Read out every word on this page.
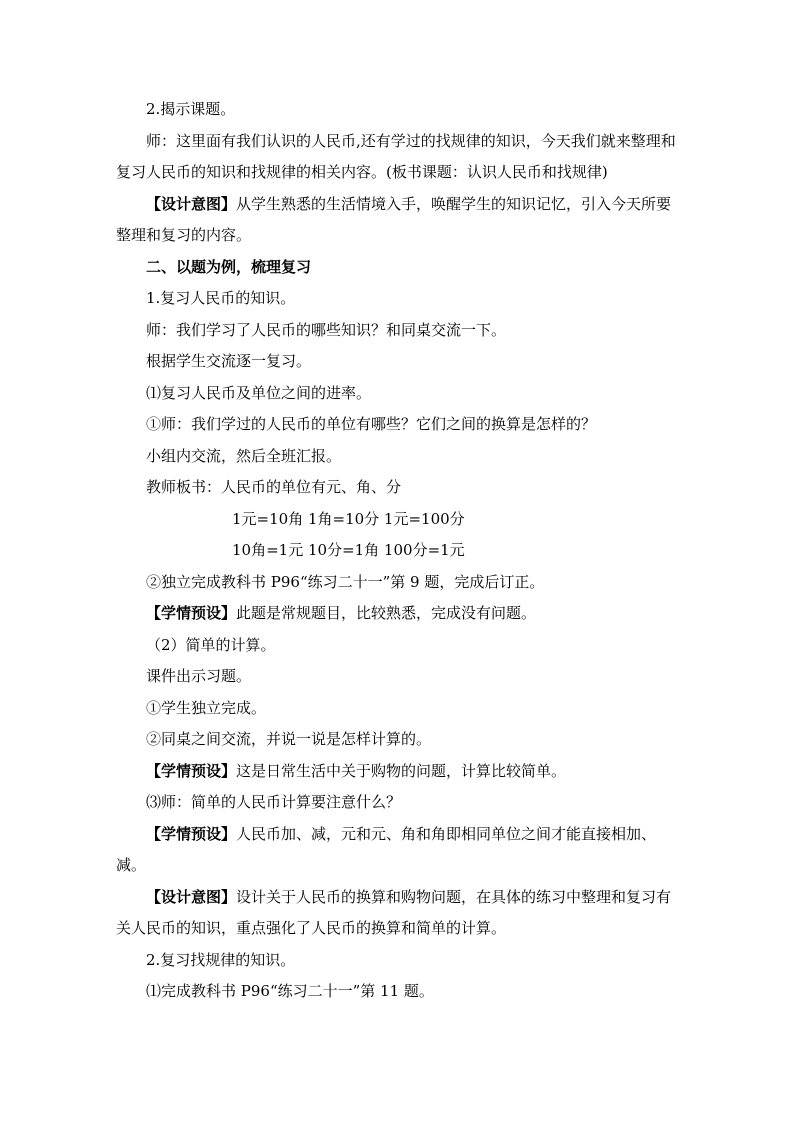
2.揭示课题。
师：这里面有我们认识的人民币,还有学过的找规律的知识，今天我们就来整理和复习人民币的知识和找规律的相关内容。(板书课题：认识人民币和找规律)
【设计意图】从学生熟悉的生活情境入手，唤醒学生的知识记忆，引入今天所要整理和复习的内容。
二、以题为例，梳理复习
1.复习人民币的知识。
师：我们学习了人民币的哪些知识？和同桌交流一下。
根据学生交流逐一复习。
⑴复习人民币及单位之间的进率。
①师：我们学过的人民币的单位有哪些？它们之间的换算是怎样的？
小组内交流，然后全班汇报。
教师板书：人民币的单位有元、角、分
1元=10角 1角=10分 1元=100分
10角=1元 10分=1角 100分=1元
②独立完成教科书 P96“练习二十一”第 9 题，完成后订正。
【学情预设】此题是常规题目，比较熟悉，完成没有问题。
（2）简单的计算。
课件出示习题。
①学生独立完成。
②同桌之间交流，并说一说是怎样计算的。
【学情预设】这是日常生活中关于购物的问题，计算比较简单。
⑶师：简单的人民币计算要注意什么？
【学情预设】人民币加、减，元和元、角和角即相同单位之间才能直接相加、减。
【设计意图】设计关于人民币的换算和购物问题，在具体的练习中整理和复习有关人民币的知识，重点强化了人民币的换算和简单的计算。
2.复习找规律的知识。
⑴完成教科书 P96“练习二十一”第 11 题。
